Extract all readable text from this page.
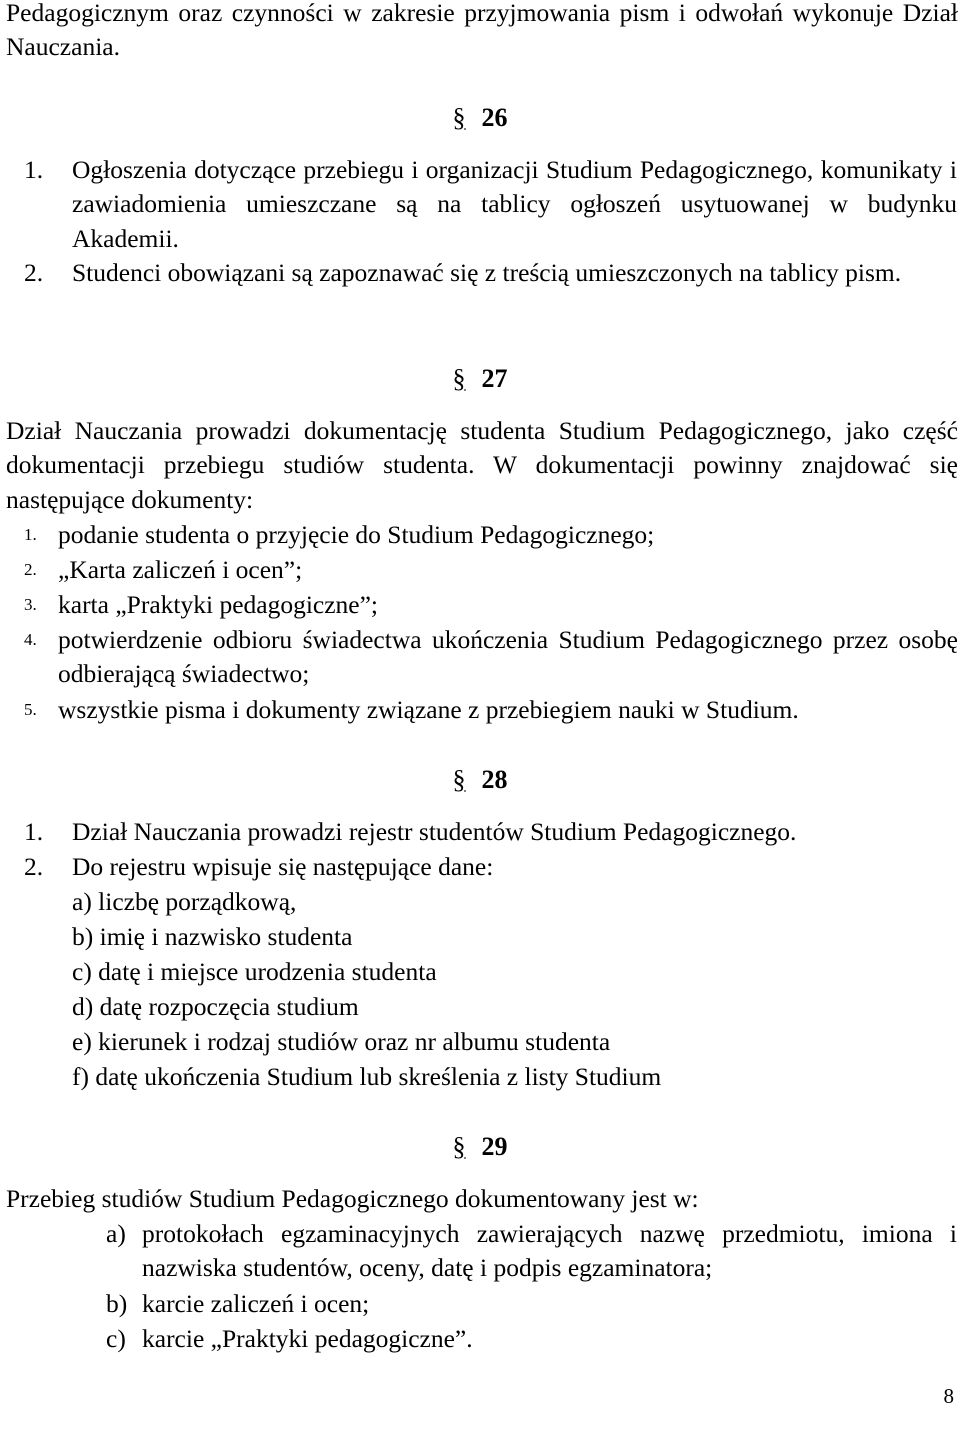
Pedagogicznym oraz czynności w zakresie przyjmowania pism i odwołań wykonuje Dział Nauczania.

§ 26
1. Ogłoszenia dotyczące przebiegu i organizacji Studium Pedagogicznego, komunikaty i zawiadomienia umieszczane są na tablicy ogłoszeń usytuowanej w budynku Akademii.
2. Studenci obowiązani są zapoznawać się z treścią umieszczonych na tablicy pism.
§ 27

Dział Nauczania prowadzi dokumentację studenta Studium Pedagogicznego, jako część dokumentacji przebiegu studiów studenta. W dokumentacji powinny znajdować się następujące dokumenty:

1. podanie studenta o przyjęcie do Studium Pedagogicznego;
2. „Karta zaliczeń i ocen”;
3. karta „Praktyki pedagogiczne”;
4. potwierdzenie odbioru świadectwa ukończenia Studium Pedagogicznego przez osobę odbierającą świadectwo;
5. wszystkie pisma i dokumenty związane z przebiegiem nauki w Studium.
§ 28
1. Dział Nauczania prowadzi rejestr studentów Studium Pedagogicznego.
2. Do rejestru wpisuje się następujące dane:
a) liczbę porządkową,
b) imię i nazwisko studenta
c) datę i miejsce urodzenia studenta
d) datę rozpoczęcia studium
e) kierunek i rodzaj studiów oraz nr albumu studenta
f) datę ukończenia Studium lub skreślenia z listy Studium
§ 29

Przebieg studiów Studium Pedagogicznego dokumentowany jest w:

a) protokołach egzaminacyjnych zawierających nazwę przedmiotu, imiona i nazwiska studentów, oceny, datę i podpis egzaminatora;
b) karcie zaliczeń i ocen;
c) karcie „Praktyki pedagogiczne”.
8
